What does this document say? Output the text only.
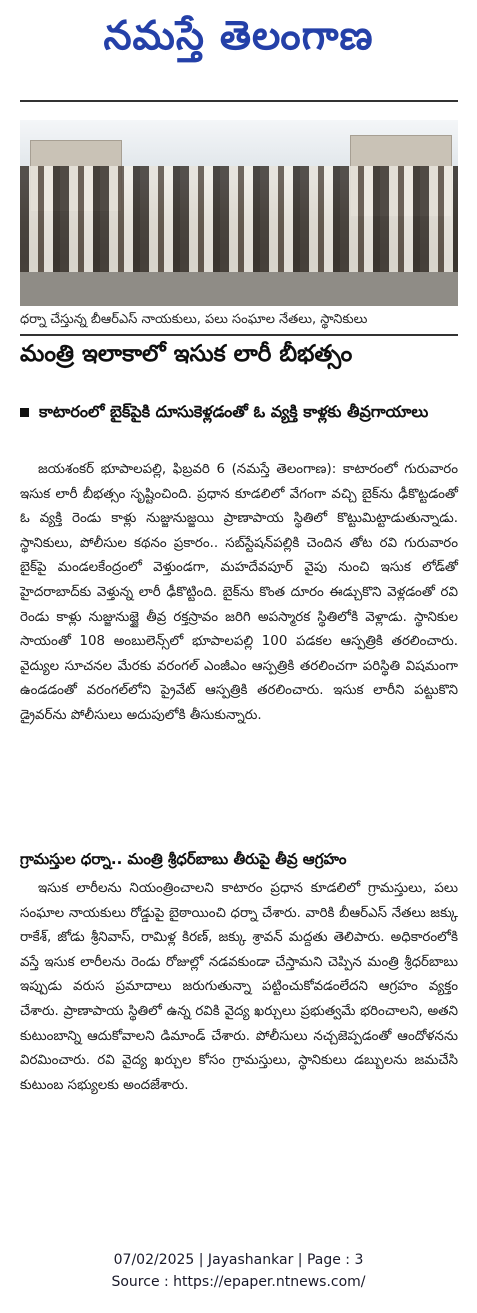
నమస్తే తెలంగాణ
ధర్నా చేస్తున్న బీఆర్ఎస్ నాయకులు, పలు సంఘాల నేతలు, స్థానికులు
మంత్రి ఇలాకాలో ఇసుక లారీ బీభత్సం
కాటారంలో బైక్‌పైకి దూసుకెళ్లడంతో ఓ వ్యక్తి కాళ్లకు తీవ్రగాయాలు
జయశంకర్ భూపాలపల్లి, ఫిబ్రవరి 6 (నమస్తే తెలంగాణ): కాటారంలో గురువారం ఇసుక లారీ బీభత్సం సృష్టించింది. ప్రధాన కూడలిలో వేగంగా వచ్చి బైక్‌ను ఢీకొట్టడంతో ఓ వ్యక్తి రెండు కాళ్లు నుజ్జునుజ్జయి ప్రాణాపాయ స్థితిలో కొట్టుమిట్టాడుతున్నాడు. స్థానికులు, పోలీసుల కథనం ప్రకారం.. సబ్‌స్టేషన్‌పల్లికి చెందిన తోట రవి గురువారం బైక్‌పై మండలకేంద్రంలో వెళ్తుండగా, మహదేవపూర్ వైపు నుంచి ఇసుక లోడ్‌తో హైదరాబాద్‌కు వెళ్తున్న లారీ ఢీకొట్టింది. బైక్‌ను కొంత దూరం ఈడ్చుకొని వెళ్లడంతో రవి రెండు కాళ్లు నుజ్జునుజ్జై తీవ్ర రక్తస్రావం జరిగి అపస్మారక స్థితిలోకి వెళ్లాడు. స్థానికుల సాయంతో 108 అంబులెన్స్‌లో భూపాలపల్లి 100 పడకల ఆస్పత్రికి తరలించారు. వైద్యుల సూచనల మేరకు వరంగల్ ఎంజీఎం ఆస్పత్రికి తరలించగా పరిస్థితి విషమంగా ఉండడంతో వరంగల్‌లోని ప్రైవేట్ ఆస్పత్రికి తరలించారు. ఇసుక లారీని పట్టుకొని డ్రైవర్‌ను పోలీసులు అదుపులోకి తీసుకున్నారు.
గ్రామస్తుల ధర్నా.. మంత్రి శ్రీధర్‌బాబు తీరుపై తీవ్ర ఆగ్రహం
ఇసుక లారీలను నియంత్రించాలని కాటారం ప్రధాన కూడలిలో గ్రామస్తులు, పలు సంఘాల నాయకులు రోడ్డుపై బైఠాయించి ధర్నా చేశారు. వారికి బీఆర్ఎస్ నేతలు జక్కు రాకేశ్, జోడు శ్రీనివాస్, రామిళ్ల కిరణ్, జక్కు శ్రావన్ మద్దతు తెలిపారు. అధికారంలోకి వస్తే ఇసుక లారీలను రెండు రోజుల్లో నడవకుండా చేస్తామని చెప్పిన మంత్రి శ్రీధర్‌బాబు ఇప్పుడు వరుస ప్రమాదాలు జరుగుతున్నా పట్టించుకోవడంలేదని ఆగ్రహం వ్యక్తం చేశారు. ప్రాణాపాయ స్థితిలో ఉన్న రవికి వైద్య ఖర్చులు ప్రభుత్వమే భరించాలని, అతని కుటుంబాన్ని ఆదుకోవాలని డిమాండ్ చేశారు. పోలీసులు నచ్చజెప్పడంతో ఆందోళనను విరమించారు. రవి వైద్య ఖర్చుల కోసం గ్రామస్తులు, స్థానికులు డబ్బులను జమచేసి కుటుంబ సభ్యులకు అందజేశారు.
07/02/2025 | Jayashankar | Page : 3
Source : https://epaper.ntnews.com/
